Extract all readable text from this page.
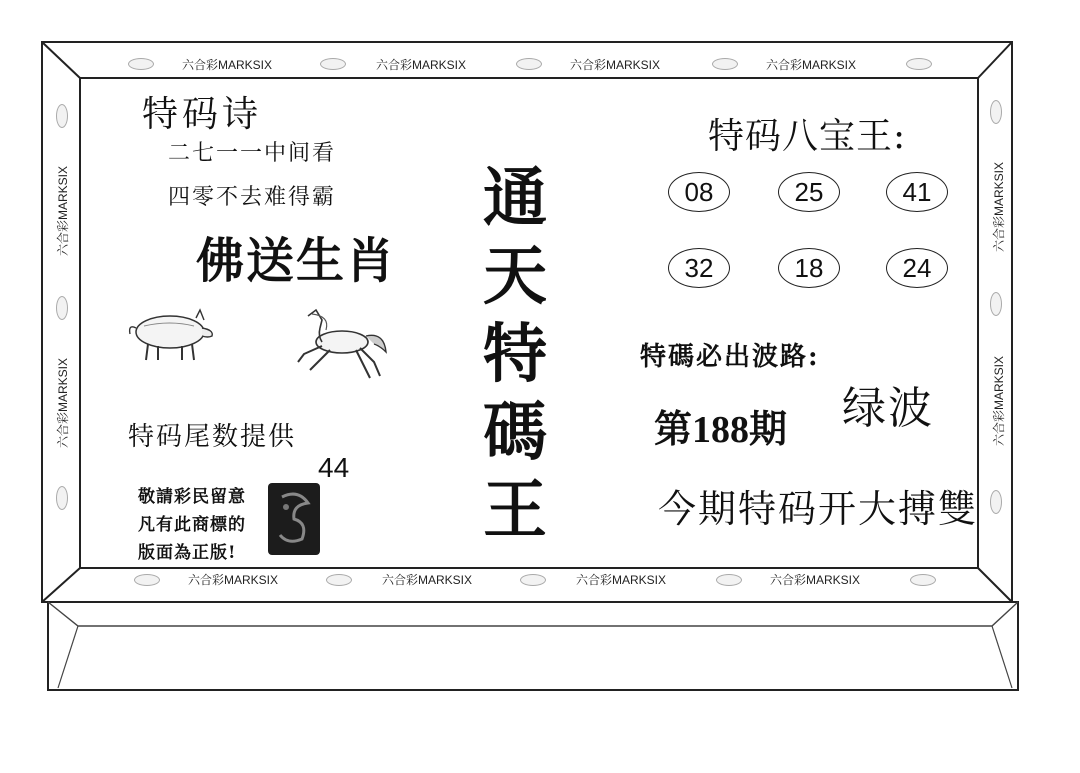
六合彩MARKSIX	六合彩MARKSIX	六合彩MARKSIX	六合彩MARKSIX
六合彩MARKSIX	六合彩MARKSIX	六合彩MARKSIX	六合彩MARKSIX
六合彩MARKSIX
六合彩MARKSIX
六合彩MARKSIX
六合彩MARKSIX
特码诗
二七一一中间看
四零不去难得霸
佛送生肖
特码尾数提供
44
敬請彩民留意
凡有此商標的
版面為正版!
通
天
特
碼
王
特码八宝王:
08	25	41
32	18	24
特碼必出波路:
绿波
第188期
今期特码开大搏雙
